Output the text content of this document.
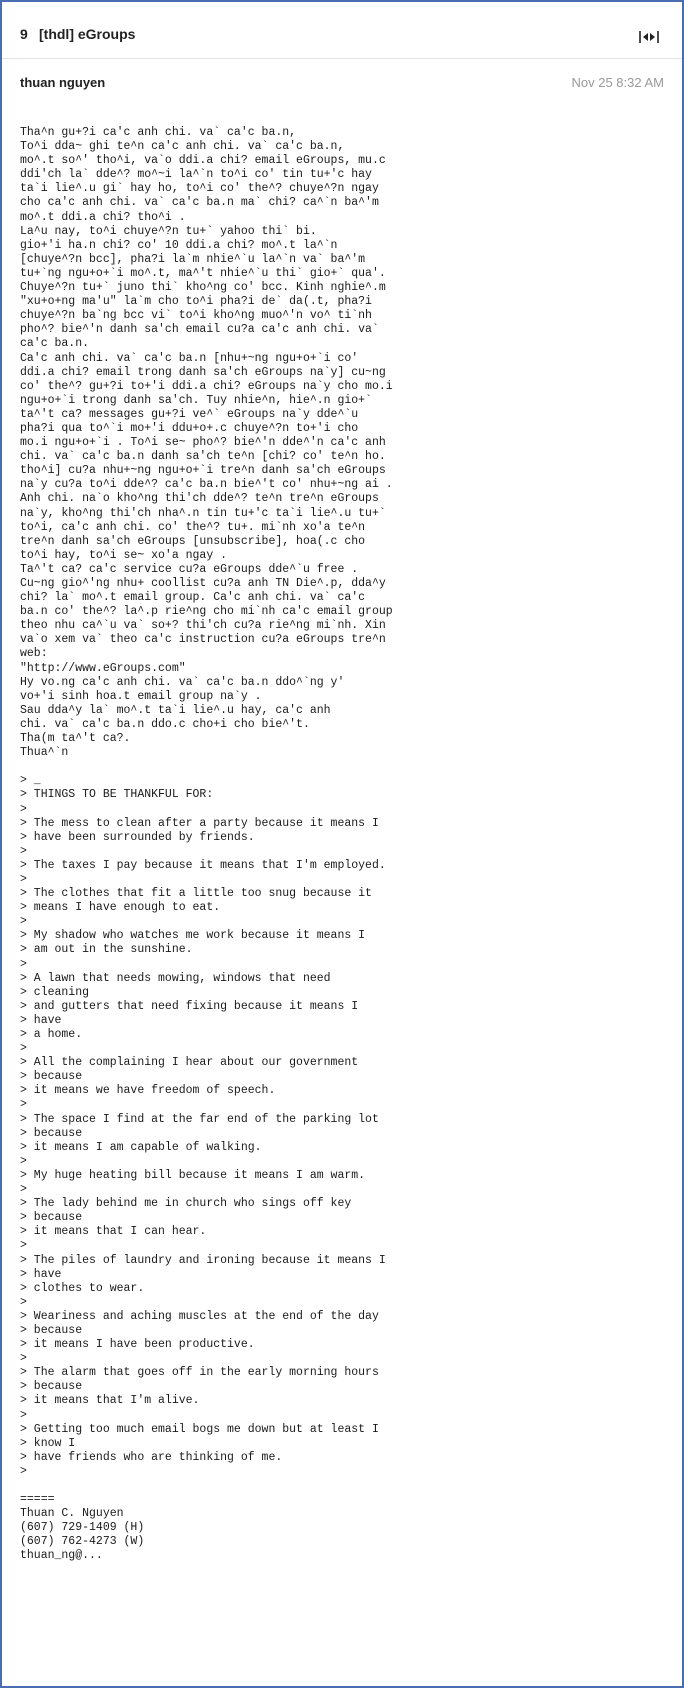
9 [thdl] eGroups
thuan nguyen	Nov 25 8:32 AM
Tha^n gu+?i ca'c anh chi. va` ca'c ba.n,
To^i dda~ ghi te^n ca'c anh chi. va` ca'c ba.n,
mo^.t so^' tho^i, va`o ddi.a chi? email eGroups, mu.c
ddi'ch la` dde^? mo^~i la^`n to^i co' tin tu+'c hay
ta`i lie^.u gi` hay ho, to^i co' the^? chuye^?n ngay
cho ca'c anh chi. va` ca'c ba.n ma` chi? ca^`n ba^'m
mo^.t ddi.a chi? tho^i .
La^u nay, to^i chuye^?n tu+` yahoo thi` bi.
gio+'i ha.n chi? co' 10 ddi.a chi? mo^.t la^`n
[chuye^?n bcc], pha?i la`m nhie^`u la^`n va` ba^'m
tu+`ng ngu+o+`i mo^.t, ma^'t nhie^`u thi` gio+` qua'.
Chuye^?n tu+` juno thi` kho^ng co' bcc. Kinh nghie^.m
"xu+o+ng ma'u" la`m cho to^i pha?i de` da(.t, pha?i
chuye^?n ba`ng bcc vi` to^i kho^ng muo^'n vo^ ti`nh
pho^? bie^'n danh sa'ch email cu?a ca'c anh chi. va`
ca'c ba.n.
Ca'c anh chi. va` ca'c ba.n [nhu+~ng ngu+o+`i co'
ddi.a chi? email trong danh sa'ch eGroups na`y] cu~ng
co' the^? gu+?i to+'i ddi.a chi? eGroups na`y cho mo.i
ngu+o+`i trong danh sa'ch. Tuy nhie^n, hie^.n gio+`
ta^'t ca? messages gu+?i ve^` eGroups na`y dde^`u
pha?i qua to^`i mo+'i ddu+o+.c chuye^?n to+'i cho
mo.i ngu+o+`i . To^i se~ pho^? bie^'n dde^'n ca'c anh
chi. va` ca'c ba.n danh sa'ch te^n [chi? co' te^n ho.
tho^i] cu?a nhu+~ng ngu+o+`i tre^n danh sa'ch eGroups
na`y cu?a to^i dde^? ca'c ba.n bie^'t co' nhu+~ng ai .
Anh chi. na`o kho^ng thi'ch dde^? te^n tre^n eGroups
na`y, kho^ng thi'ch nha^.n tin tu+'c ta`i lie^.u tu+`
to^i, ca'c anh chi. co' the^? tu+. mi`nh xo'a te^n
tre^n danh sa'ch eGroups [unsubscribe], hoa(.c cho
to^i hay, to^i se~ xo'a ngay .
Ta^'t ca? ca'c service cu?a eGroups dde^`u free .
Cu~ng gio^'ng nhu+ coollist cu?a anh TN Die^.p, dda^y
chi? la` mo^.t email group. Ca'c anh chi. va` ca'c
ba.n co' the^? la^.p rie^ng cho mi`nh ca'c email group
theo nhu ca^`u va` so+? thi'ch cu?a rie^ng mi`nh. Xin
va`o xem va` theo ca'c instruction cu?a eGroups tre^n
web:
"http://www.eGroups.com"
Hy vo.ng ca'c anh chi. va` ca'c ba.n ddo^`ng y'
vo+'i sinh hoa.t email group na`y .
Sau dda^y la` mo^.t ta`i lie^.u hay, ca'c anh
chi. va` ca'c ba.n ddo.c cho+i cho bie^'t.
Tha(m ta^'t ca?.
Thua^`n

> _
> THINGS TO BE THANKFUL FOR:
>
> The mess to clean after a party because it means I
> have been surrounded by friends.
>
> The taxes I pay because it means that I'm employed.
>
> The clothes that fit a little too snug because it
> means I have enough to eat.
>
> My shadow who watches me work because it means I
> am out in the sunshine.
>
> A lawn that needs mowing, windows that need
> cleaning
> and gutters that need fixing because it means I
> have
> a home.
>
> All the complaining I hear about our government
> because
> it means we have freedom of speech.
>
> The space I find at the far end of the parking lot
> because
> it means I am capable of walking.
>
> My huge heating bill because it means I am warm.
>
> The lady behind me in church who sings off key
> because
> it means that I can hear.
>
> The piles of laundry and ironing because it means I
> have
> clothes to wear.
>
> Weariness and aching muscles at the end of the day
> because
> it means I have been productive.
>
> The alarm that goes off in the early morning hours
> because
> it means that I'm alive.
>
> Getting too much email bogs me down but at least I
> know I
> have friends who are thinking of me.
>

=====
Thuan C. Nguyen
(607) 729-1409 (H)
(607) 762-4273 (W)
thuan_ng@...
